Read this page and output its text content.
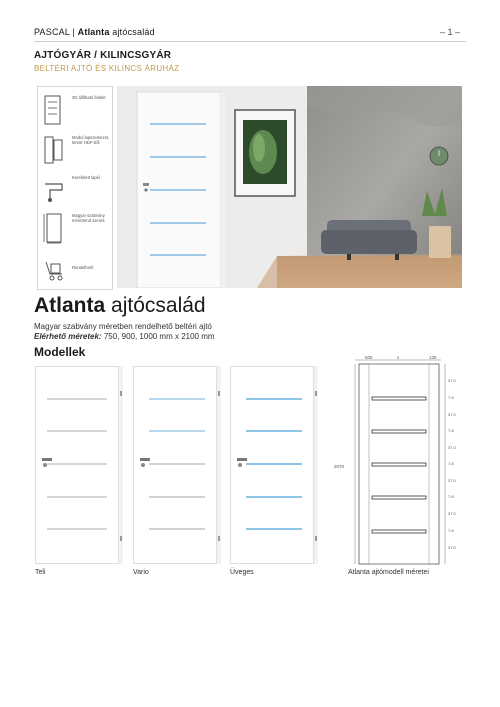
PASCAL | Atlanta ajtócsalád	– 1 –
AJTÓGYÁR / KILINCSGYÁR
BELTÉRI AJTÓ ÉS KILINCS ÁRUHÁZ
3D állítható felület
Modul lapszerkezet, tömör HDF-ből
Kerekített lapél
Magyar szabvány méretrend szerint
Rendelhető
Atlanta ajtócsalád
Magyar szabvány méretben rendelhető beltéri ajtó
Elérhető méretek: 750, 900, 1000 mm x 2100 mm
Modellek
Teli	Vario	Üveges
500	x	130
2070
37.0
7.8
37.0
7.8
37.0
7.8
37.0
7.8
37.0
7.8
37.0
Atlanta ajtómodell méretei
